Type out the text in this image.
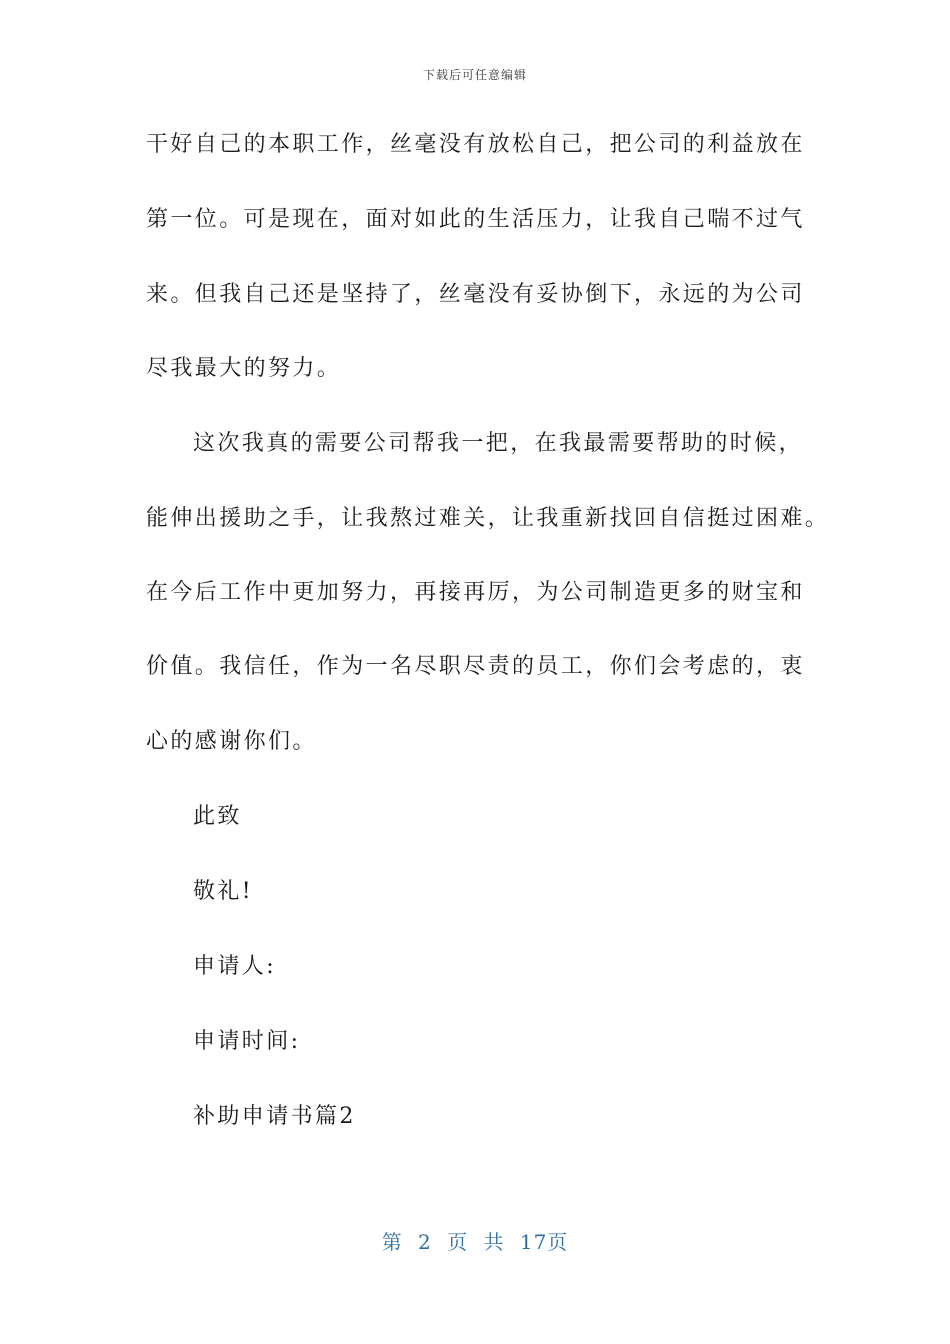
下载后可任意编辑
干好自己的本职工作，丝毫没有放松自己，把公司的利益放在
第一位。可是现在，面对如此的生活压力，让我自己喘不过气
来。但我自己还是坚持了，丝毫没有妥协倒下，永远的为公司
尽我最大的努力。
这次我真的需要公司帮我一把，在我最需要帮助的时候，
能伸出援助之手，让我熬过难关，让我重新找回自信挺过困难。
在今后工作中更加努力，再接再厉，为公司制造更多的财宝和
价值。我信任，作为一名尽职尽责的员工，你们会考虑的，衷
心的感谢你们。
此致
敬礼!
申请人:
申请时间:
补助申请书篇2
第 2 页 共 17页
